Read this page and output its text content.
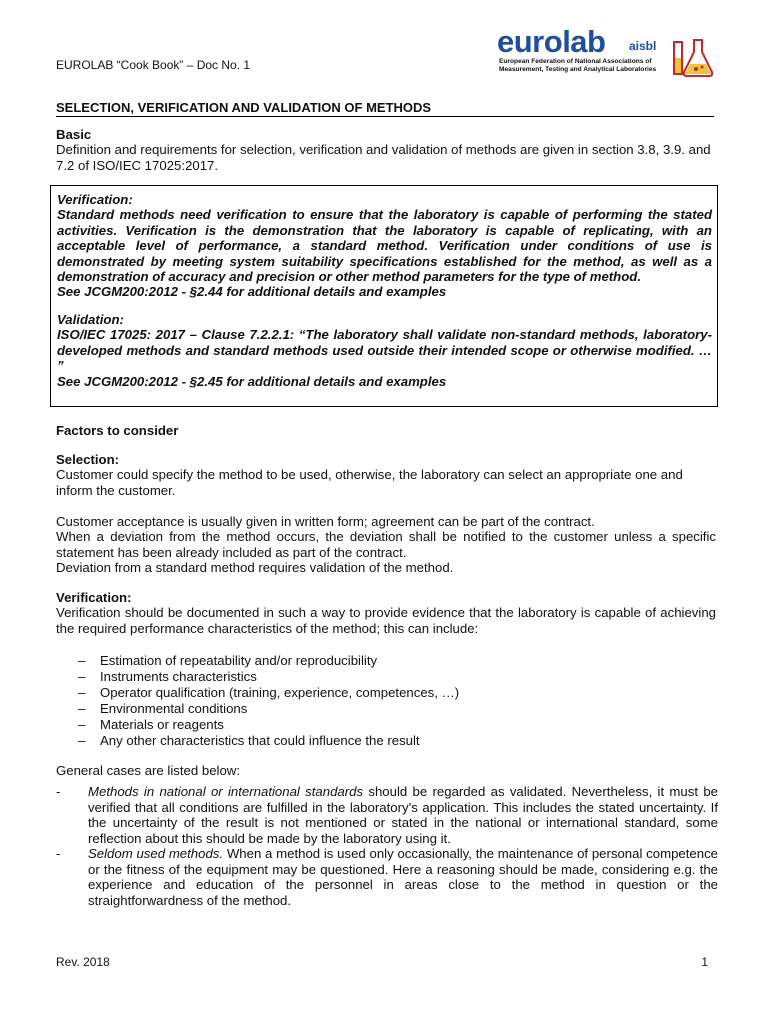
EUROLAB “Cook Book” – Doc No. 1
eurolab aisbl
European Federation of National Associations of
Measurement, Testing and Analytical Laboratories
SELECTION, VERIFICATION AND VALIDATION OF METHODS
Basic
Definition and requirements for selection, verification and validation of methods are given in section 3.8, 3.9. and 7.2 of ISO/IEC 17025:2017.
Verification:
Standard methods need verification to ensure that the laboratory is capable of performing the stated activities. Verification is the demonstration that the laboratory is capable of replicating, with an acceptable level of performance, a standard method. Verification under conditions of use is demonstrated by meeting system suitability specifications established for the method, as well as a demonstration of accuracy and precision or other method parameters for the type of method.
See JCGM200:2012 - §2.44 for additional details and examples
Validation:
ISO/IEC 17025: 2017 – Clause 7.2.2.1: “The laboratory shall validate non-standard methods, laboratory-developed methods and standard methods used outside their intended scope or otherwise modified. … ”
See JCGM200:2012 - §2.45 for additional details and examples
Factors to consider
Selection:
Customer could specify the method to be used, otherwise, the laboratory can select an appropriate one and inform the customer.
Customer acceptance is usually given in written form; agreement can be part of the contract.
When a deviation from the method occurs, the deviation shall be notified to the customer unless a specific statement has been already included as part of the contract.
Deviation from a standard method requires validation of the method.
Verification:
Verification should be documented in such a way to provide evidence that the laboratory is capable of achieving the required performance characteristics of the method; this can include:
– Estimation of repeatability and/or reproducibility
– Instruments characteristics
– Operator qualification (training, experience, competences, …)
– Environmental conditions
– Materials or reagents
– Any other characteristics that could influence the result
General cases are listed below:
- Methods in national or international standards should be regarded as validated. Nevertheless, it must be verified that all conditions are fulfilled in the laboratory’s application. This includes the stated uncertainty. If the uncertainty of the result is not mentioned or stated in the national or international standard, some reflection about this should be made by the laboratory using it.
- Seldom used methods. When a method is used only occasionally, the maintenance of personal competence or the fitness of the equipment may be questioned. Here a reasoning should be made, considering e.g. the experience and education of the personnel in areas close to the method in question or the straightforwardness of the method.
Rev. 2018	1
